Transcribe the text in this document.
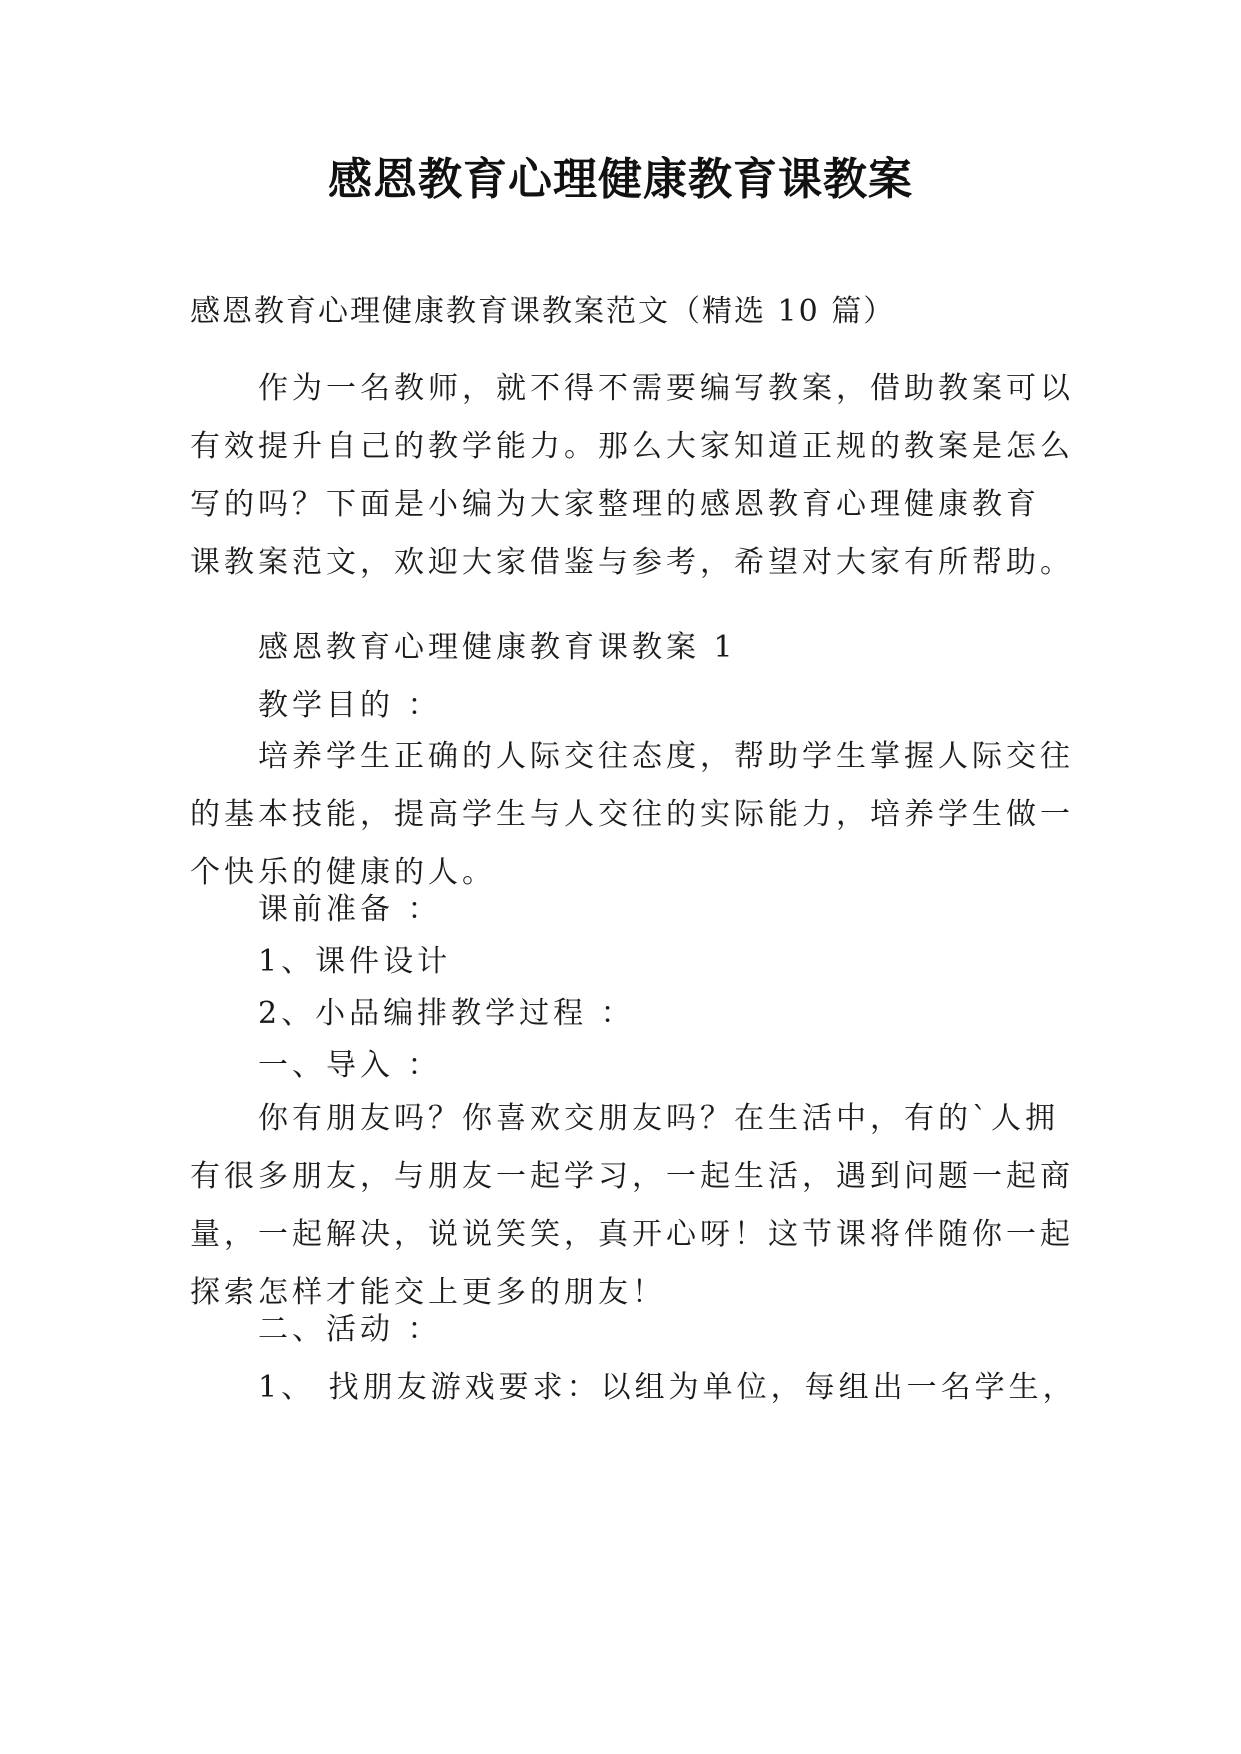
感恩教育心理健康教育课教案
感恩教育心理健康教育课教案范文（精选 10 篇）
作为一名教师，就不得不需要编写教案，借助教案可以
有效提升自己的教学能力。那么大家知道正规的教案是怎么
写的吗？下面是小编为大家整理的感恩教育心理健康教育
课教案范文，欢迎大家借鉴与参考，希望对大家有所帮助。
感恩教育心理健康教育课教案 1
教学目的 ：
培养学生正确的人际交往态度，帮助学生掌握人际交往
的基本技能，提高学生与人交往的实际能力，培养学生做一
个快乐的健康的人。
课前准备 ：
1、课件设计
2、小品编排教学过程 ：
一、导入 ：
你有朋友吗？你喜欢交朋友吗？在生活中，有的`人拥
有很多朋友，与朋友一起学习，一起生活，遇到问题一起商
量，一起解决，说说笑笑，真开心呀！这节课将伴随你一起
探索怎样才能交上更多的朋友！
二、活动 ：
1、 找朋友游戏要求：以组为单位，每组出一名学生，
